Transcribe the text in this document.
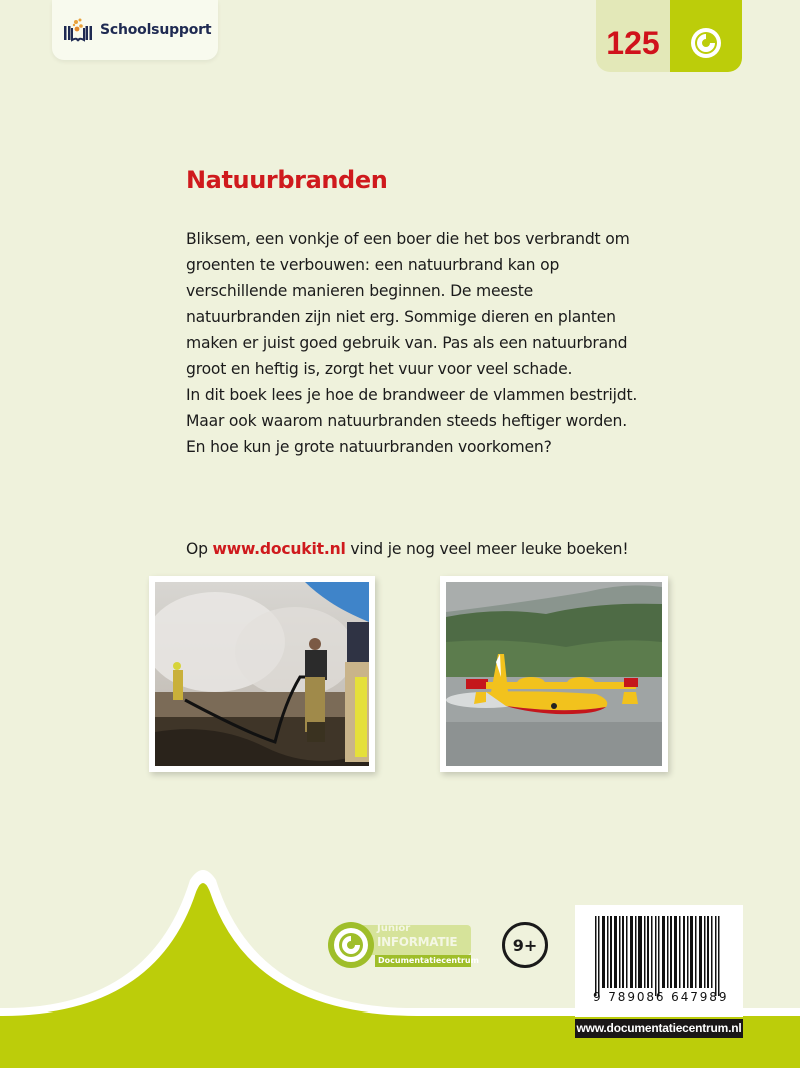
Schoolsupport	125
Natuurbranden

Bliksem, een vonkje of een boer die het bos verbrandt om groenten te verbouwen: een natuurbrand kan op verschillende manieren beginnen. De meeste natuurbranden zijn niet erg. Sommige dieren en planten maken er juist goed gebruik van. Pas als een natuurbrand groot en heftig is, zorgt het vuur voor veel schade.

In dit boek lees je hoe de brandweer de vlammen bestrijdt. Maar ook waarom natuurbranden steeds heftiger worden. En hoe kun je grote natuurbranden voorkomen?

Op www.docukit.nl vind je nog veel meer leuke boeken!
Junior
INFORMATIE
Documentatiecentrum
9+
9 789086 647989
www.documentatiecentrum.nl
